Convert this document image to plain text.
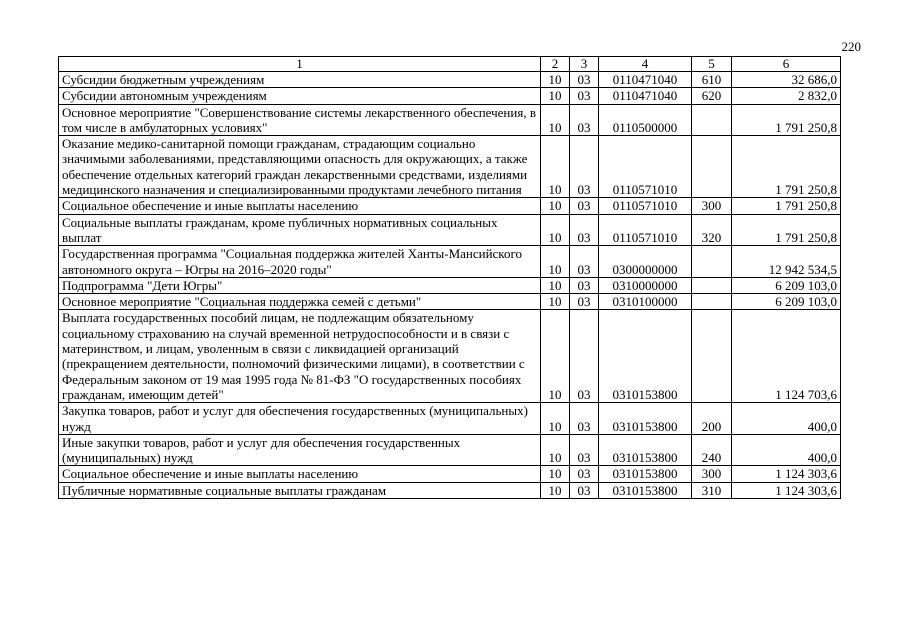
220
1	2	3	4	5	6
Субсидии бюджетным учреждениям	10	03	0110471040	610	32 686,0
Субсидии автономным учреждениям	10	03	0110471040	620	2 832,0
Основное мероприятие "Совершенствование системы лекарственного обеспечения, в том числе в амбулаторных условиях"	10	03	0110500000		1 791 250,8
Оказание медико-санитарной помощи гражданам, страдающим социально значимыми заболеваниями, представляющими опасность для окружающих, а также обеспечение отдельных категорий граждан лекарственными средствами, изделиями медицинского назначения и специализированными продуктами лечебного питания	10	03	0110571010		1 791 250,8
Социальное обеспечение и иные выплаты населению	10	03	0110571010	300	1 791 250,8
Социальные выплаты гражданам, кроме публичных нормативных социальных выплат	10	03	0110571010	320	1 791 250,8
Государственная программа "Социальная поддержка жителей Ханты-Мансийского автономного округа – Югры на 2016–2020 годы"	10	03	0300000000		12 942 534,5
Подпрограмма "Дети Югры"	10	03	0310000000		6 209 103,0
Основное мероприятие "Социальная поддержка семей с детьми"	10	03	0310100000		6 209 103,0
Выплата государственных пособий лицам, не подлежащим обязательному социальному страхованию на случай временной нетрудоспособности и в связи с материнством, и лицам, уволенным в связи с ликвидацией организаций (прекращением деятельности, полномочий физическими лицами), в соответствии с Федеральным законом от 19 мая 1995 года № 81-ФЗ "О государственных пособиях гражданам, имеющим детей"	10	03	0310153800		1 124 703,6
Закупка товаров, работ и услуг для обеспечения государственных (муниципальных) нужд	10	03	0310153800	200	400,0
Иные закупки товаров, работ и услуг для обеспечения государственных (муниципальных) нужд	10	03	0310153800	240	400,0
Социальное обеспечение и иные выплаты населению	10	03	0310153800	300	1 124 303,6
Публичные нормативные социальные выплаты гражданам	10	03	0310153800	310	1 124 303,6
